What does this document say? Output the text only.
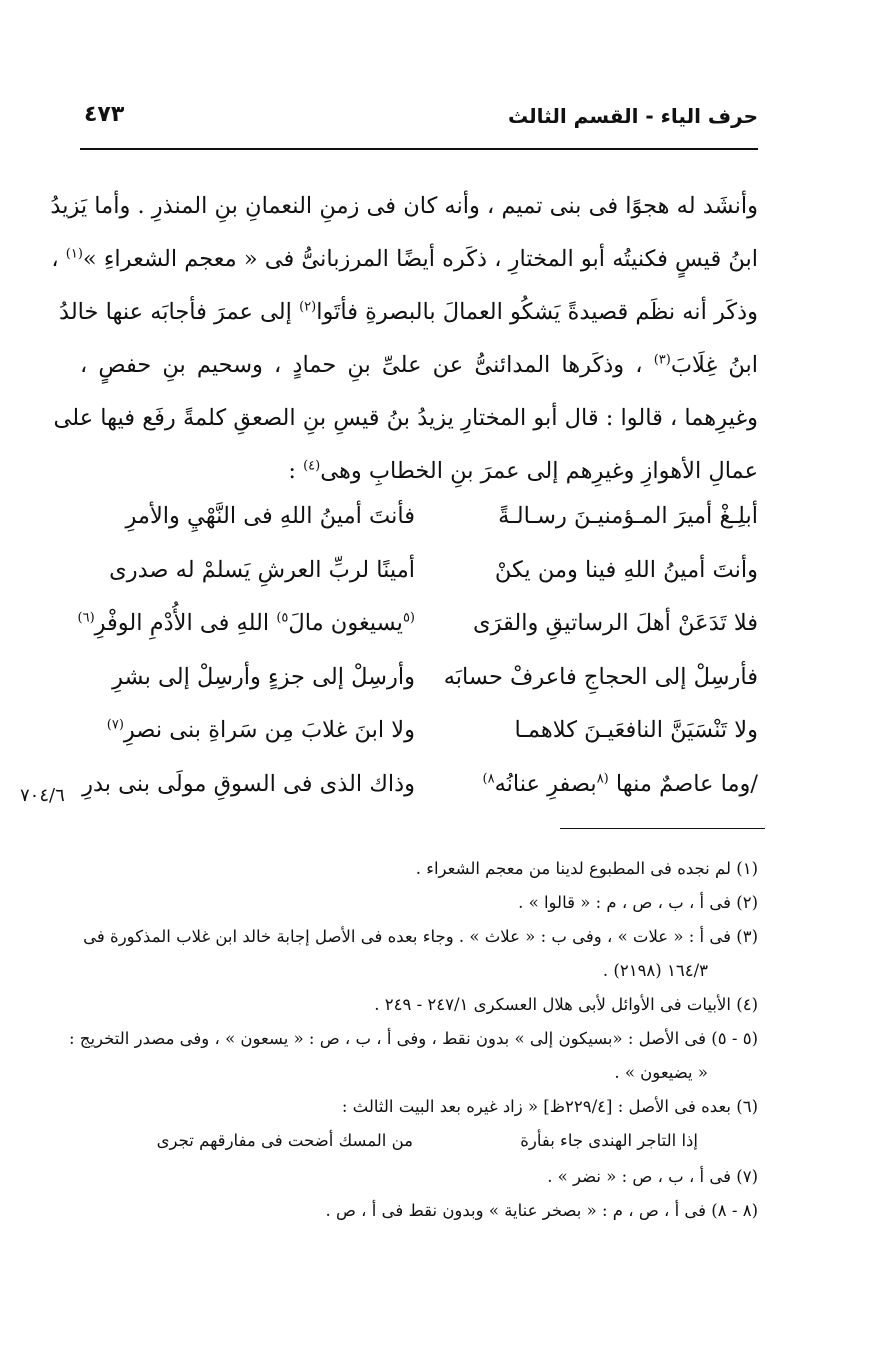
حرف الياء - القسم الثالث
٤٧٣
وأنشَد له هجوًا فى بنى تميم ، وأنه كان فى زمنِ النعمانِ بنِ المنذرِ . وأما يَزيدُ
ابنُ قيسٍ فكنيتُه أبو المختارِ ، ذكَره أيضًا المرزبانىُّ فى « معجم الشعراءِ »$^{(١)}$ ،
وذكَر أنه نظَم قصيدةً يَشكُو العمالَ بالبصرةِ فأتَوا$^{(٢)}$ إلى عمرَ فأجابَه عنها خالدُ
ابنُ غِلَابَ$^{(٣)}$ ، وذكَرها المدائنىُّ عن علىِّ بنِ حمادٍ ، وسحيم بنِ حفصٍ ،
وغيرِهما ، قالوا : قال أبو المختارِ يزيدُ بنُ قيسِ بنِ الصعقِ كلمةً رفَع فيها على
عمالِ الأهوازِ وغيرِهم إلى عمرَ بنِ الخطابِ وهى$^{(٤)}$ :
أبلِـغْ أميرَ المـؤمنيـنَ رسـالـةً
فأنتَ أمينُ اللهِ فى النَّهْيِ والأمرِ
وأنتَ أمينُ اللهِ فينا ومن يكنْ
أمينًا لربِّ العرشِ يَسلمْ له صدرى
فلا تَدَعَنْ أهلَ الرساتيقِ والقرَى
$^{(٥}$يسيغون مالَ$^{٥)}$ اللهِ فى الأُدْمِ الوفْرِ$^{(٦)}$
فأرسِلْ إلى الحجاجِ فاعرفْ حسابَه
وأرسِلْ إلى جزءٍ وأرسِلْ إلى بشرِ
ولا تَنْسَيَنَّ النافعَيـنَ كلاهمـا
ولا ابنَ غلابَ مِن سَراةِ بنى نصرِ$^{(٧)}$
/وما عاصمٌ منها $^{(٨}$بصفرِ عنانُه$^{٨)}$
وذاك الذى فى السوقِ مولَى بنى بدرِ
٧٠٤/٦
(١) لم نجده فى المطبوع لدينا من معجم الشعراء .
(٢) فى أ ، ب ، ص ، م : « قالوا » .
(٣) فى أ : « علات » ، وفى ب : « علاث » . وجاء بعده فى الأصل إجابة خالد ابن غلاب المذكورة فى
١٦٤/٣ (٢١٩٨) .
(٤) الأبيات فى الأوائل لأبى هلال العسكرى ٢٤٧/١ - ٢٤٩ .
(٥ - ٥) فى الأصل : «بسيكون إلى » بدون نقط ، وفى أ ، ب ، ص : « يسعون » ، وفى مصدر التخريج :
« يضيعون » .
(٦) بعده فى الأصل : [٢٢٩/٤ظ] « زاد غيره بعد البيت الثالث :
إذا التاجر الهندى جاء بفأرة
من المسك أضحت فى مفارقهم تجرى
(٧) فى أ ، ب ، ص : « نضر » .
(٨ - ٨) فى أ ، ص ، م : « بصخر عناية » وبدون نقط فى أ ، ص .
